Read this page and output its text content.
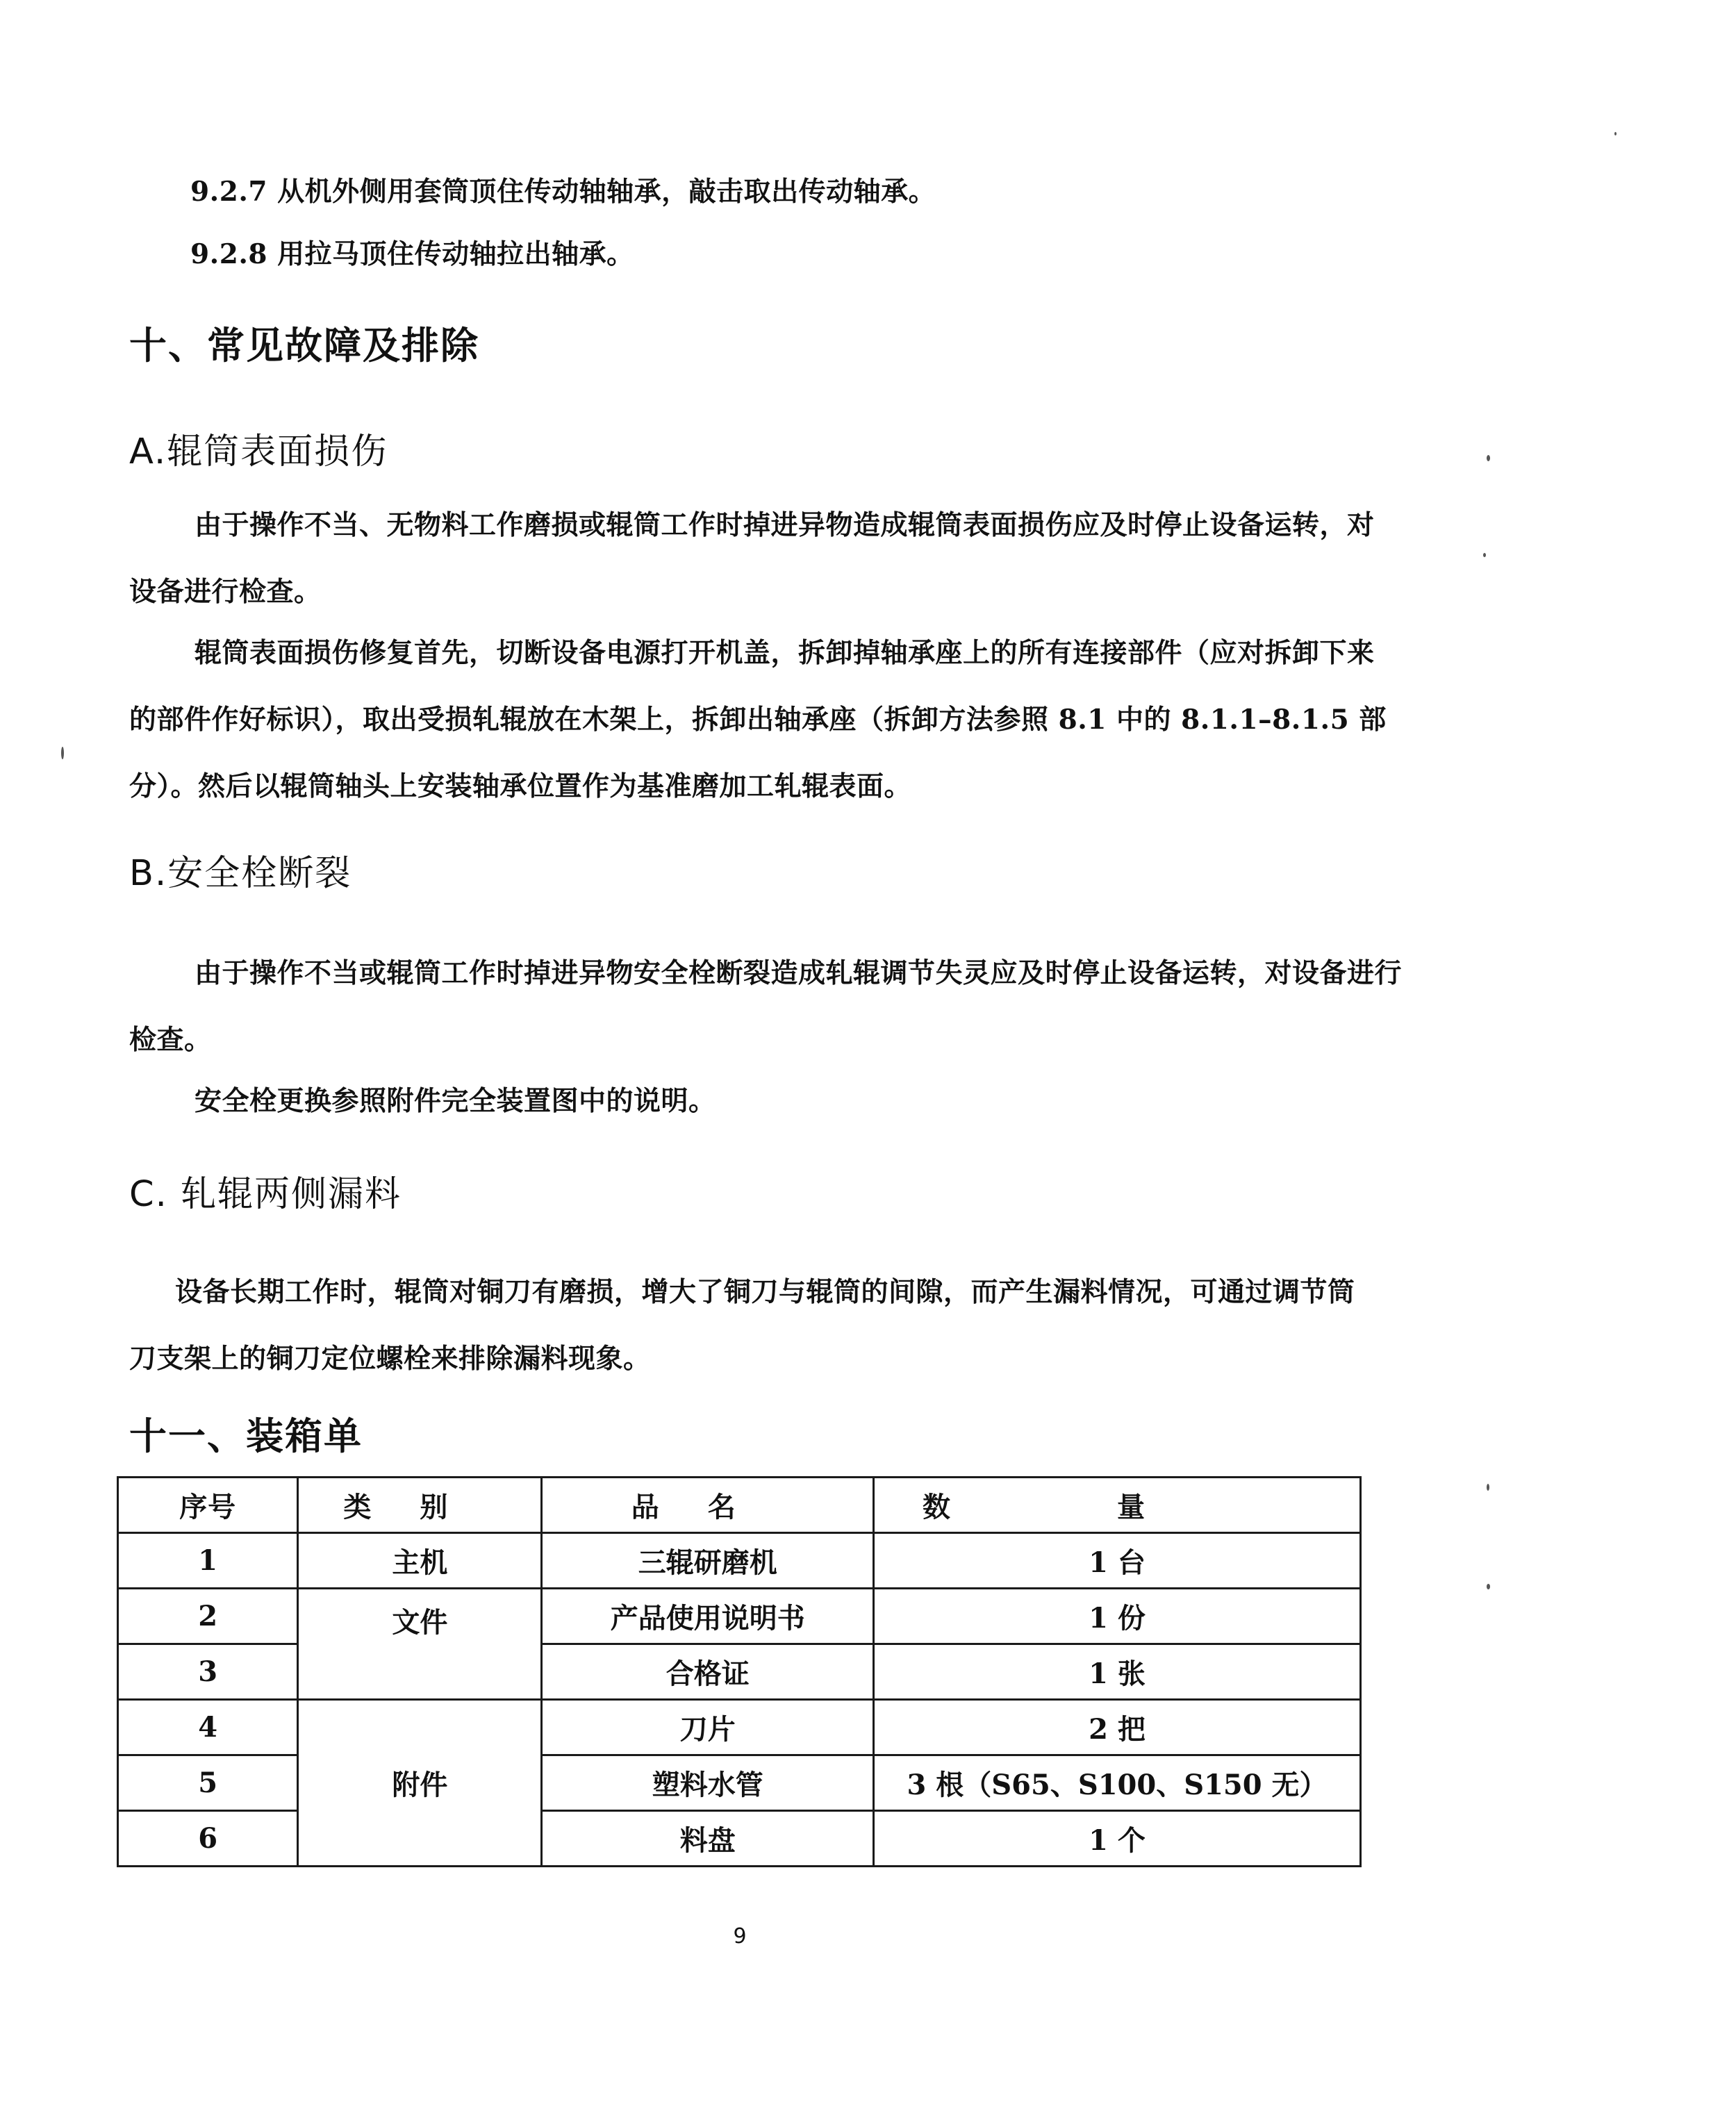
9.2.7 从机外侧用套筒顶住传动轴轴承，敲击取出传动轴承。

9.2.8 用拉马顶住传动轴拉出轴承。

十、常见故障及排除
A.辊筒表面损伤

由于操作不当、无物料工作磨损或辊筒工作时掉进异物造成辊筒表面损伤应及时停止设备运转，对设备进行检查。

辊筒表面损伤修复首先，切断设备电源打开机盖，拆卸掉轴承座上的所有连接部件（应对拆卸下来的部件作好标识），取出受损轧辊放在木架上，拆卸出轴承座（拆卸方法参照 8.1 中的 8.1.1–8.1.5 部分）。然后以辊筒轴头上安装轴承位置作为基准磨加工轧辊表面。

B.安全栓断裂

由于操作不当或辊筒工作时掉进异物安全栓断裂造成轧辊调节失灵应及时停止设备运转，对设备进行检查。

安全栓更换参照附件完全装置图中的说明。

C. 轧辊两侧漏料

设备长期工作时，辊筒对铜刀有磨损，增大了铜刀与辊筒的间隙，而产生漏料情况，可通过调节筒刀支架上的铜刀定位螺栓来排除漏料现象。

十一、装箱单
序号	类别	品名	数量
1	主机	三辊研磨机	1 台
2	文件	产品使用说明书	1 份
3		合格证	1 张
4	附件	刀片	2 把
5		塑料水管	3 根（S65、S100、S150 无）
6		料盘	1 个
9
